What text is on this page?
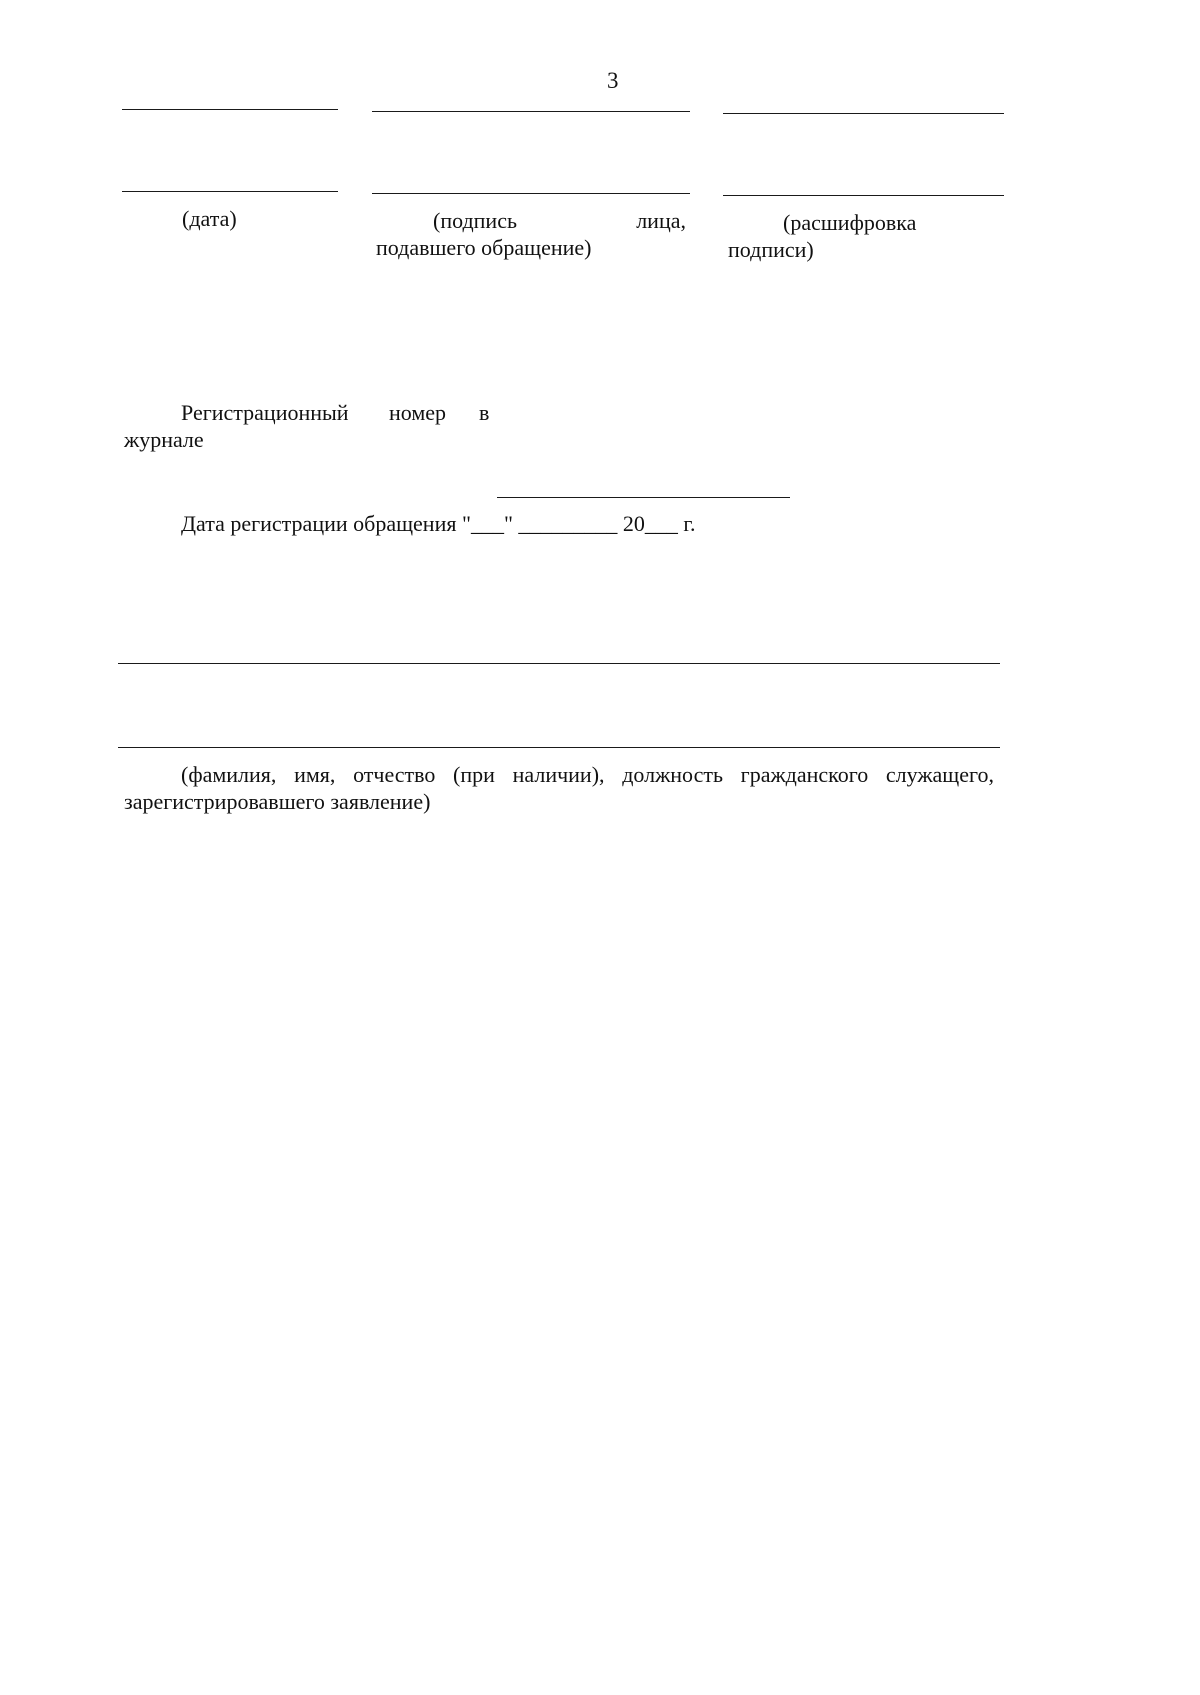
3
(дата)	(подпись	лица,
подавшего обращение)
(расшифровка
подписи)
Регистрационный номер в
журнале
Дата регистрации обращения "___" _________ 20___ г.
(фамилия, имя, отчество (при наличии), должность гражданского служащего,
зарегистрировавшего заявление)
